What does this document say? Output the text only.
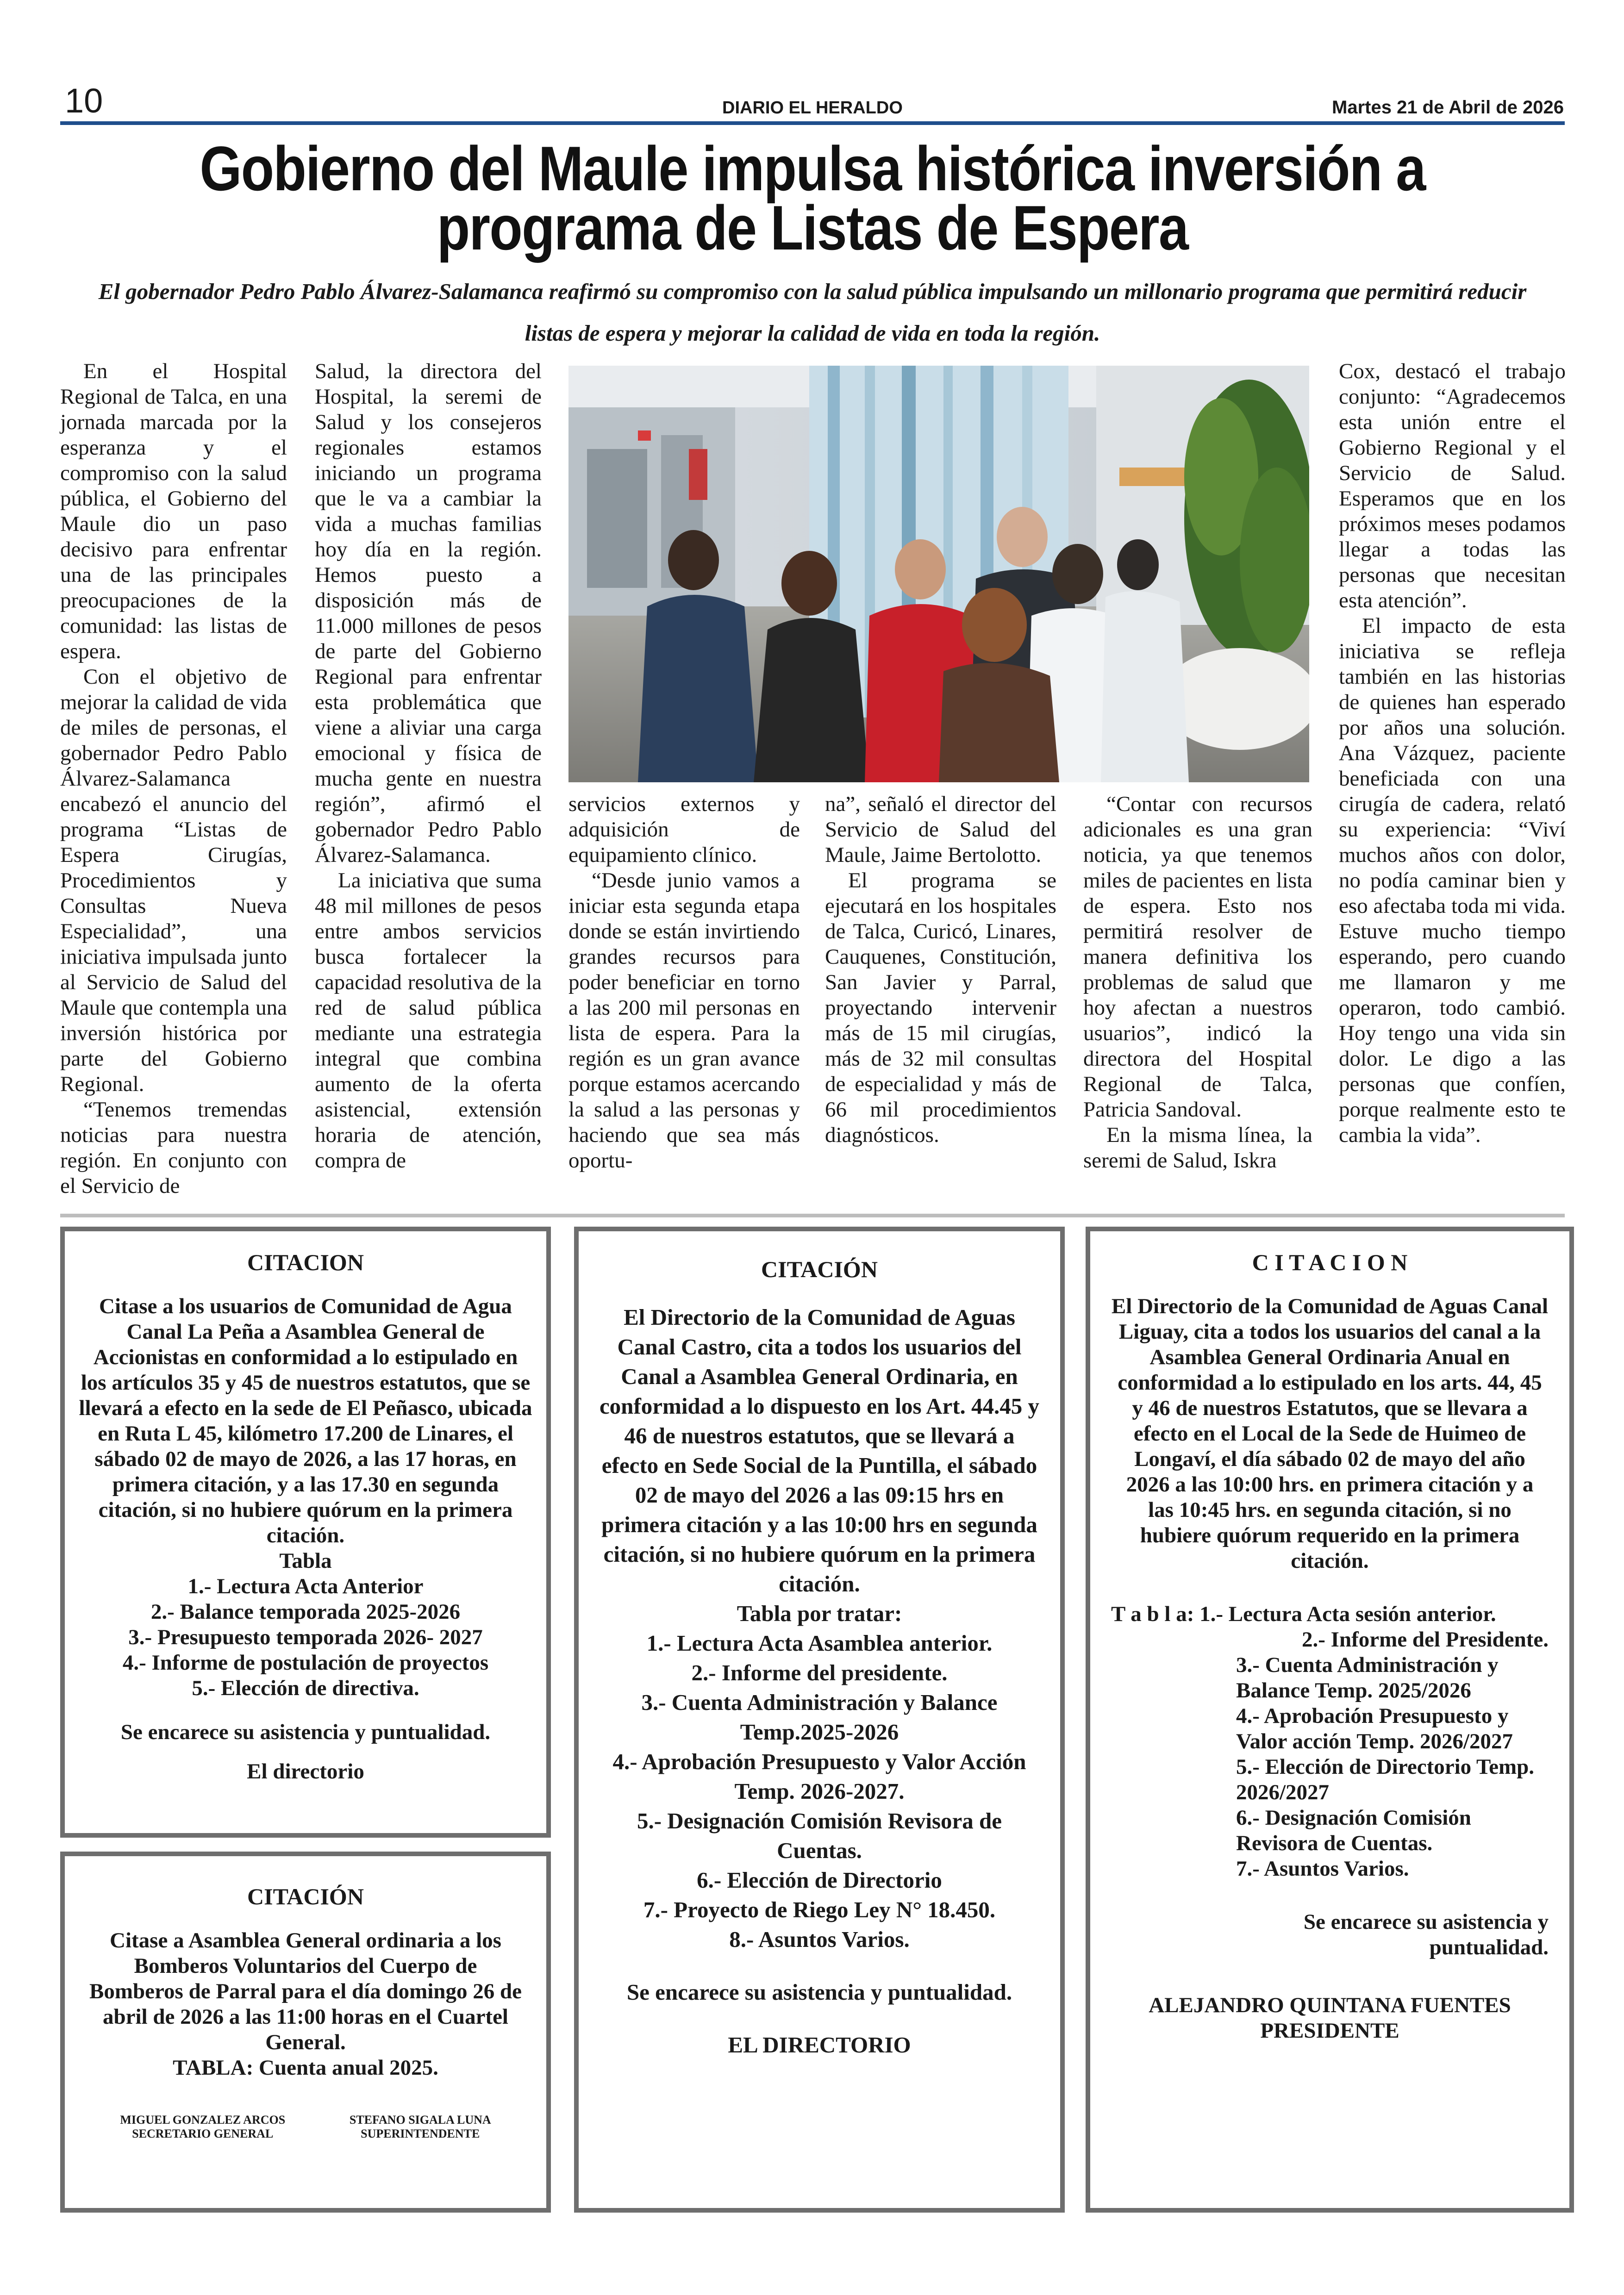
10	DIARIO EL HERALDO	Martes 21 de Abril de 2026
Gobierno del Maule impulsa histórica inversión a
programa de Listas de Espera
El gobernador Pedro Pablo Álvarez-Salamanca reafirmó su compromiso con la salud pública impulsando un millonario programa que permitirá reducir listas de espera y mejorar la calidad de vida en toda la región.

En el Hospital Regional de Talca, en una jornada marcada por la esperanza y el compromiso con la salud pública, el Gobierno del Maule dio un paso decisivo para enfrentar una de las principales preocupaciones de la comunidad: las listas de espera.

Con el objetivo de mejorar la calidad de vida de miles de personas, el gobernador Pedro Pablo Álvarez-Salamanca encabezó el anuncio del programa “Listas de Espera Cirugías, Procedimientos y Consultas Nueva Especialidad”, una iniciativa impulsada junto al Servicio de Salud del Maule que contempla una inversión histórica por parte del Gobierno Regional.

“Tenemos tremendas noticias para nuestra región. En conjunto con el Servicio de

Salud, la directora del Hospital, la seremi de Salud y los consejeros regionales estamos iniciando un programa que le va a cambiar la vida a muchas familias hoy día en la región. Hemos puesto a disposición más de 11.000 millones de pesos de parte del Gobierno Regional para enfrentar esta problemática que viene a aliviar una carga emocional y física de mucha gente en nuestra región”, afirmó el gobernador Pedro Pablo Álvarez-Salamanca.

La iniciativa que suma 48 mil millones de pesos entre ambos servicios busca fortalecer la capacidad resolutiva de la red de salud pública mediante una estrategia integral que combina aumento de la oferta asistencial, extensión horaria de atención, compra de

servicios externos y adquisición de equipamiento clínico.

“Desde junio vamos a iniciar esta segunda etapa donde se están invirtiendo grandes recursos para poder beneficiar en torno a las 200 mil personas en lista de espera. Para la región es un gran avance porque estamos acercando la salud a las personas y haciendo que sea más oportu-

na”, señaló el director del Servicio de Salud del Maule, Jaime Bertolotto.

El programa se ejecutará en los hospitales de Talca, Curicó, Linares, Cauquenes, Constitución, San Javier y Parral, proyectando intervenir más de 15 mil cirugías, más de 32 mil consultas de especialidad y más de 66 mil procedimientos diagnósticos.

“Contar con recursos adicionales es una gran noticia, ya que tenemos miles de pacientes en lista de espera. Esto nos permitirá resolver de manera definitiva los problemas de salud que hoy afectan a nuestros usuarios”, indicó la directora del Hospital Regional de Talca, Patricia Sandoval.

En la misma línea, la seremi de Salud, Iskra

Cox, destacó el trabajo conjunto: “Agradecemos esta unión entre el Gobierno Regional y el Servicio de Salud. Esperamos que en los próximos meses podamos llegar a todas las personas que necesitan esta atención”.

El impacto de esta iniciativa se refleja también en las historias de quienes han esperado por años una solución. Ana Vázquez, paciente beneficiada con una cirugía de cadera, relató su experiencia: “Viví muchos años con dolor, no podía caminar bien y eso afectaba toda mi vida. Estuve mucho tiempo esperando, pero cuando me llamaron y me operaron, todo cambió. Hoy tengo una vida sin dolor. Le digo a las personas que confíen, porque realmente esto te cambia la vida”.

CITACION

Citase a los usuarios de Comunidad de Agua Canal La Peña a Asamblea General de Accionistas en conformidad a lo estipulado en los artículos 35 y 45 de nuestros estatutos, que se llevará a efecto en la sede de El Peñasco, ubicada en Ruta L 45, kilómetro 17.200 de Linares, el sábado 02 de mayo de 2026, a las 17 horas, en primera citación, y a las 17.30 en segunda citación, si no hubiere quórum en la primera citación.

Tabla

1.- Lectura Acta Anterior

2.- Balance temporada 2025-2026

3.- Presupuesto temporada 2026- 2027

4.- Informe de postulación de proyectos

5.- Elección de directiva.

Se encarece su asistencia y puntualidad.

El directorio

CITACIÓN

Citase a Asamblea General ordinaria a los Bomberos Voluntarios del Cuerpo de Bomberos de Parral para el día domingo 26 de abril de 2026 a las 11:00 horas en el Cuartel General.

TABLA: Cuenta anual 2025.

MIGUEL GONZALEZ ARCOS
SECRETARIO GENERAL
STEFANO SIGALA LUNA
SUPERINTENDENTE

CITACIÓN

El Directorio de la Comunidad de Aguas Canal Castro, cita a todos los usuarios del Canal a Asamblea General Ordinaria, en conformidad a lo dispuesto en los Art. 44.45 y 46 de nuestros estatutos, que se llevará a efecto en Sede Social de la Puntilla, el sábado 02 de mayo del 2026 a las 09:15 hrs en primera citación y a las 10:00 hrs en segunda citación, si no hubiere quórum en la primera citación.

Tabla por tratar:

1.- Lectura Acta Asamblea anterior.

2.- Informe del presidente.

3.- Cuenta Administración y Balance Temp.2025-2026

4.- Aprobación Presupuesto y Valor Acción Temp. 2026-2027.

5.- Designación Comisión Revisora de Cuentas.

6.- Elección de Directorio

7.- Proyecto de Riego Ley N° 18.450.

8.- Asuntos Varios.

Se encarece su asistencia y puntualidad.

EL DIRECTORIO

C I T A C I O N

El Directorio de la Comunidad de Aguas Canal Liguay, cita a todos los usuarios del canal a la Asamblea General Ordinaria Anual en conformidad a lo estipulado en los arts. 44, 45 y 46 de nuestros Estatutos, que se llevara a efecto en el Local de la Sede de Huimeo de Longaví, el día sábado 02 de mayo del año 2026 a las 10:00 hrs. en primera citación y a las 10:45 hrs. en segunda citación, si no hubiere quórum requerido en la primera citación.

T a b l a: 1.- Lectura Acta sesión anterior.

2.- Informe del Presidente.

3.- Cuenta Administración y Balance Temp. 2025/2026

4.- Aprobación Presupuesto y Valor acción Temp. 2026/2027

5.- Elección de Directorio Temp. 2026/2027

6.- Designación Comisión Revisora de Cuentas.

7.- Asuntos Varios.

Se encarece su asistencia y puntualidad.

ALEJANDRO QUINTANA FUENTES

PRESIDENTE
